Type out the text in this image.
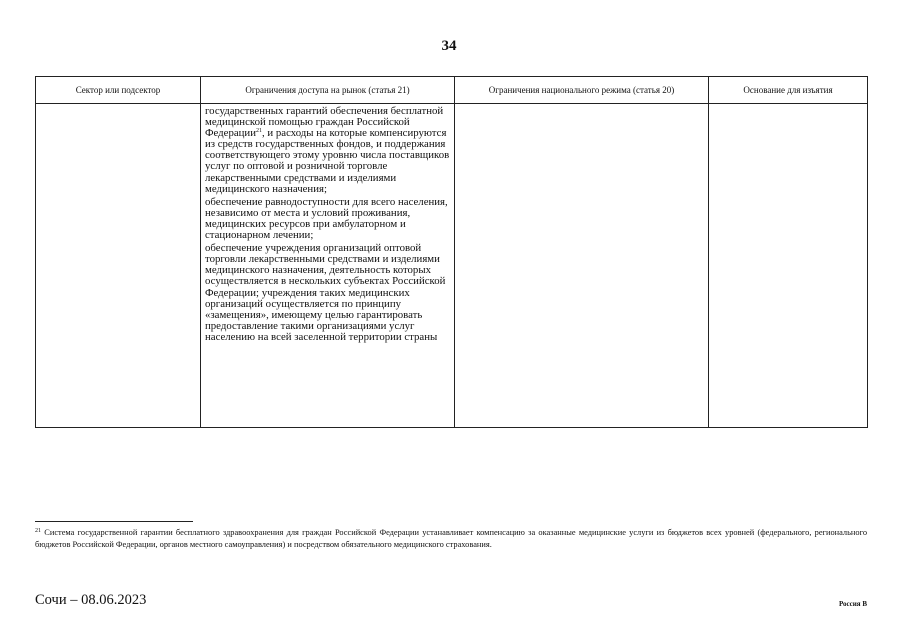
34
Сектор или подсектор	Ограничения доступа на рынок (статья 21)	Ограничения национального режима (статья 20)	Основание для изъятия

	государственных гарантий обеспечения бесплатной медицинской помощью граждан Российской Федерации$^{21}$, и расходы на которые компенсируются из средств государственных фондов, и поддержания соответствующего этому уровню числа поставщиков услуг по оптовой и розничной торговле лекарственными средствами и изделиями медицинского назначения;
обеспечение равнодоступности для всего населения, независимо от места и условий проживания, медицинских ресурсов при амбулаторном и стационарном лечении;
обеспечение учреждения организаций оптовой торговли лекарственными средствами и изделиями медицинского назначения, деятельность которых осуществляется в нескольких субъектах Российской Федерации; учреждения таких медицинских организаций осуществляется по принципу «замещения», имеющему целью гарантировать предоставление такими организациями услуг населению на всей заселенной территории страны		

$^{21}$ Система государственной гарантии бесплатного здравоохранения для граждан Российской Федерации устанавливает компенсацию за оказанные медицинские услуги из бюджетов всех уровней (федерального, регионального бюджетов Российской Федерации, органов местного самоуправления) и посредством обязательного медицинского страхования.
Сочи – 08.06.2023	Россия В
